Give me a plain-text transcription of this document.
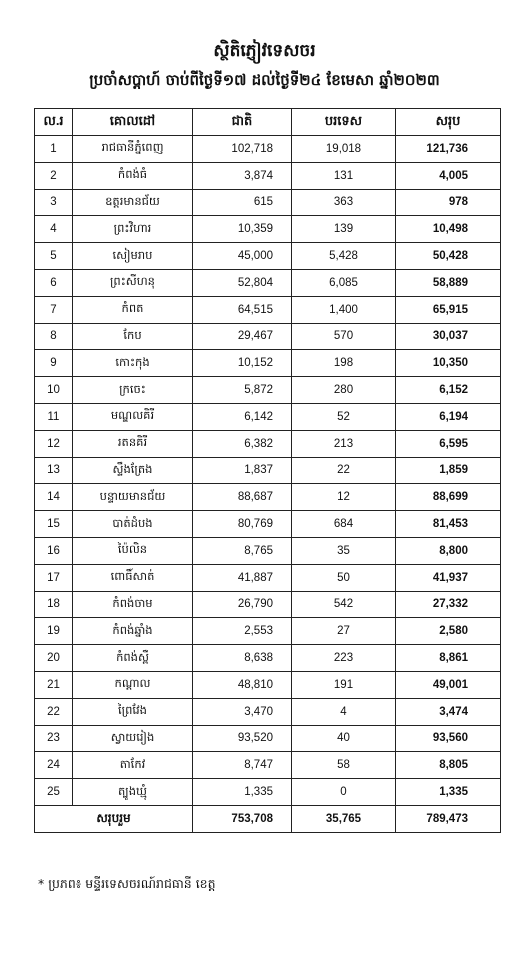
ស្ថិតិភ្ញៀវទេសចរ
ប្រចាំសប្តាហ៍ ចាប់ពីថ្ងៃទី១៧ ដល់ថ្ងៃទី២៤ ខែមេសា ឆ្នាំ២០២៣
ល.រ	គោលដៅ	ជាតិ	បរទេស	សរុប
1	រាជធានីភ្នំពេញ	102,718	19,018	121,736
2	កំពង់ធំ	3,874	131	4,005
3	ឧត្តរមានជ័យ	615	363	978
4	ព្រះវិហារ	10,359	139	10,498
5	សៀមរាប	45,000	5,428	50,428
6	ព្រះសីហនុ	52,804	6,085	58,889
7	កំពត	64,515	1,400	65,915
8	កែប	29,467	570	30,037
9	កោះកុង	10,152	198	10,350
10	ក្រចេះ	5,872	280	6,152
11	មណ្ឌលគិរី	6,142	52	6,194
12	រតនគិរី	6,382	213	6,595
13	ស្ទឹងត្រែង	1,837	22	1,859
14	បន្ទាយមានជ័យ	88,687	12	88,699
15	បាត់ដំបង	80,769	684	81,453
16	ប៉ៃលិន	8,765	35	8,800
17	ពោធិ៍សាត់	41,887	50	41,937
18	កំពង់ចាម	26,790	542	27,332
19	កំពង់ឆ្នាំង	2,553	27	2,580
20	កំពង់ស្ពឺ	8,638	223	8,861
21	កណ្ដាល	48,810	191	49,001
22	ព្រៃវែង	3,470	4	3,474
23	ស្វាយរៀង	93,520	40	93,560
24	តាកែវ	8,747	58	8,805
25	ត្បូងឃ្មុំ	1,335	0	1,335
សរុបរួម		753,708	35,765	789,473
* ប្រភព៖ មន្ទីរទេសចរណ៍រាជធានី ខេត្ត
